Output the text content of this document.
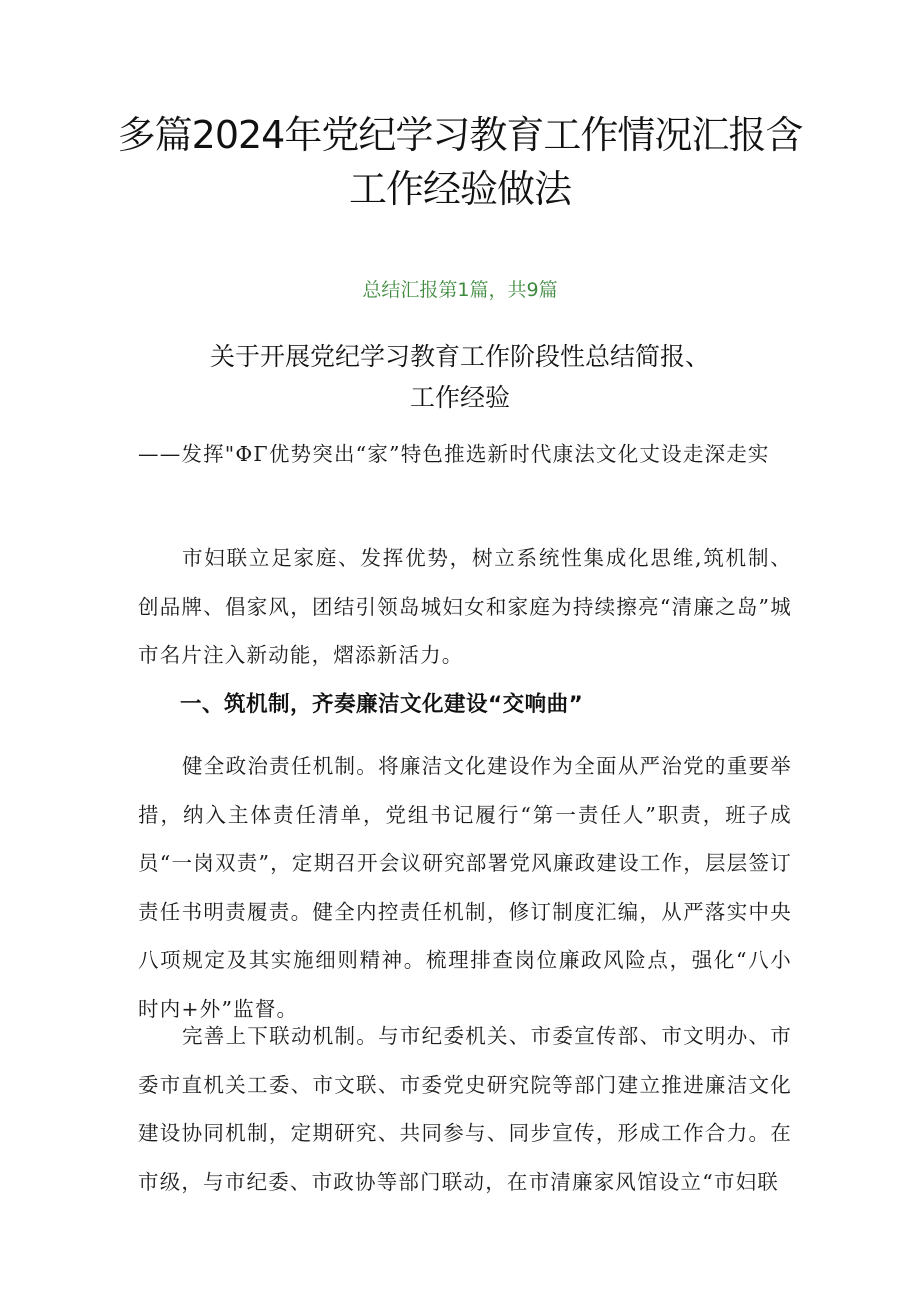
多篇2024年党纪学习教育工作情况汇报含
工作经验做法
总结汇报第1篇，共9篇
关于开展党纪学习教育工作阶段性总结简报、
工作经验

——发挥"ΦΓ优势突出“家”特色推选新时代康法文化丈设走深走实

市妇联立足家庭、发挥优势，树立系统性集成化思维,筑机制、创品牌、倡家风，团结引领岛城妇女和家庭为持续擦亮“清廉之岛”城市名片注入新动能，熠添新活力。

一、筑机制，齐奏廉洁文化建设“交响曲”

健全政治责任机制。将廉洁文化建设作为全面从严治党的重要举措，纳入主体责任清单，党组书记履行“第一责任人”职责，班子成员“一岗双责”，定期召开会议研究部署党风廉政建设工作，层层签订责任书明责履责。健全内控责任机制，修订制度汇编，从严落实中央八项规定及其实施细则精神。梳理排查岗位廉政风险点，强化“八小时内+外”监督。

完善上下联动机制。与市纪委机关、市委宣传部、市文明办、市委市直机关工委、市文联、市委党史研究院等部门建立推进廉洁文化建设协同机制，定期研究、共同参与、同步宣传，形成工作合力。在市级，与市纪委、市政协等部门联动，在市清廉家风馆设立“市妇联
